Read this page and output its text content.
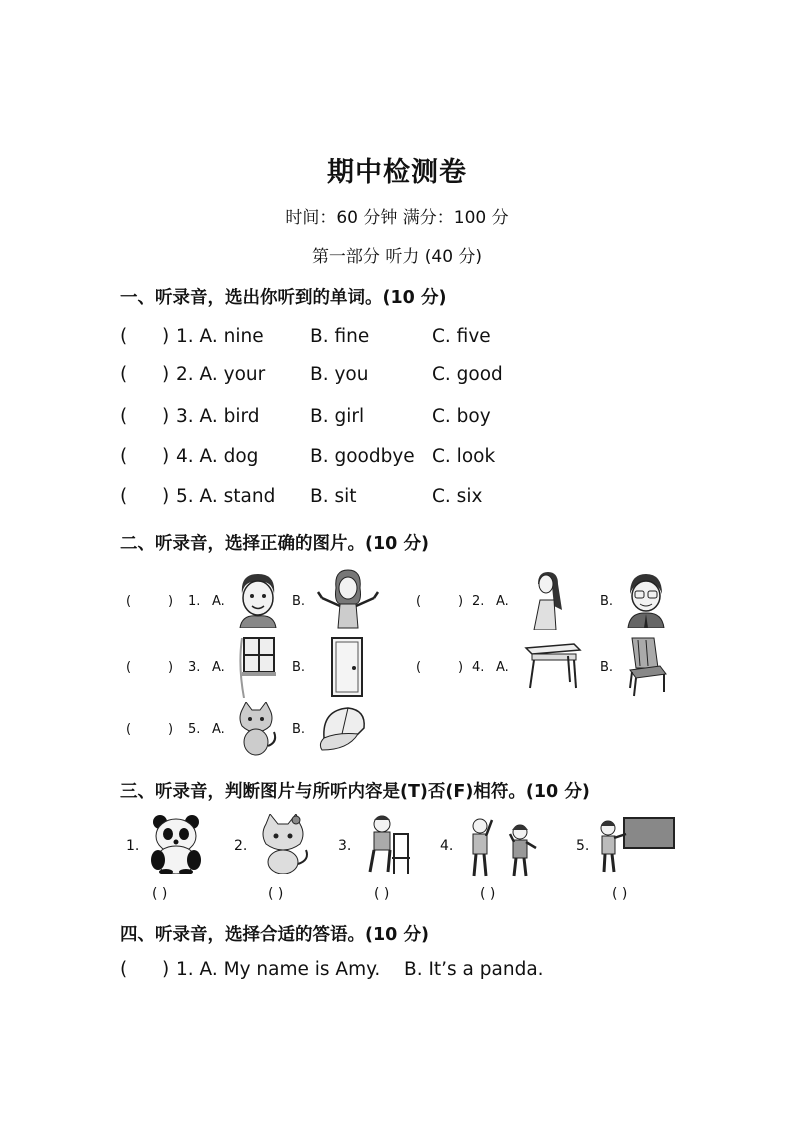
期中检测卷
时间：60 分钟 满分：100 分
第一部分 听力 (40 分)
一、听录音，选出你听到的单词。(10 分)
( ) 1. A. nine	B. fine	C. five
( ) 2. A. your B. you	C. good
( ) 3. A. bird	B. girl	C. boy
( ) 4. A. dog	B. goodbye C. look
( ) 5. A. stand B. sit	C. six
二、听录音，选择正确的图片。(10 分)
(	) 1. A.	B.	(	) 2. A.	B.
(	) 3. A.	B.	(	) 4. A.	B.
(	) 5. A.	B.
三、听录音，判断图片与所听内容是(T)否(F)相符。(10 分)
1.
( )
2.
( )
3.
( )
4.
( )
5.
( )
四、听录音，选择合适的答语。(10 分)
( ) 1. A. My name is Amy. B. It’s a panda.
